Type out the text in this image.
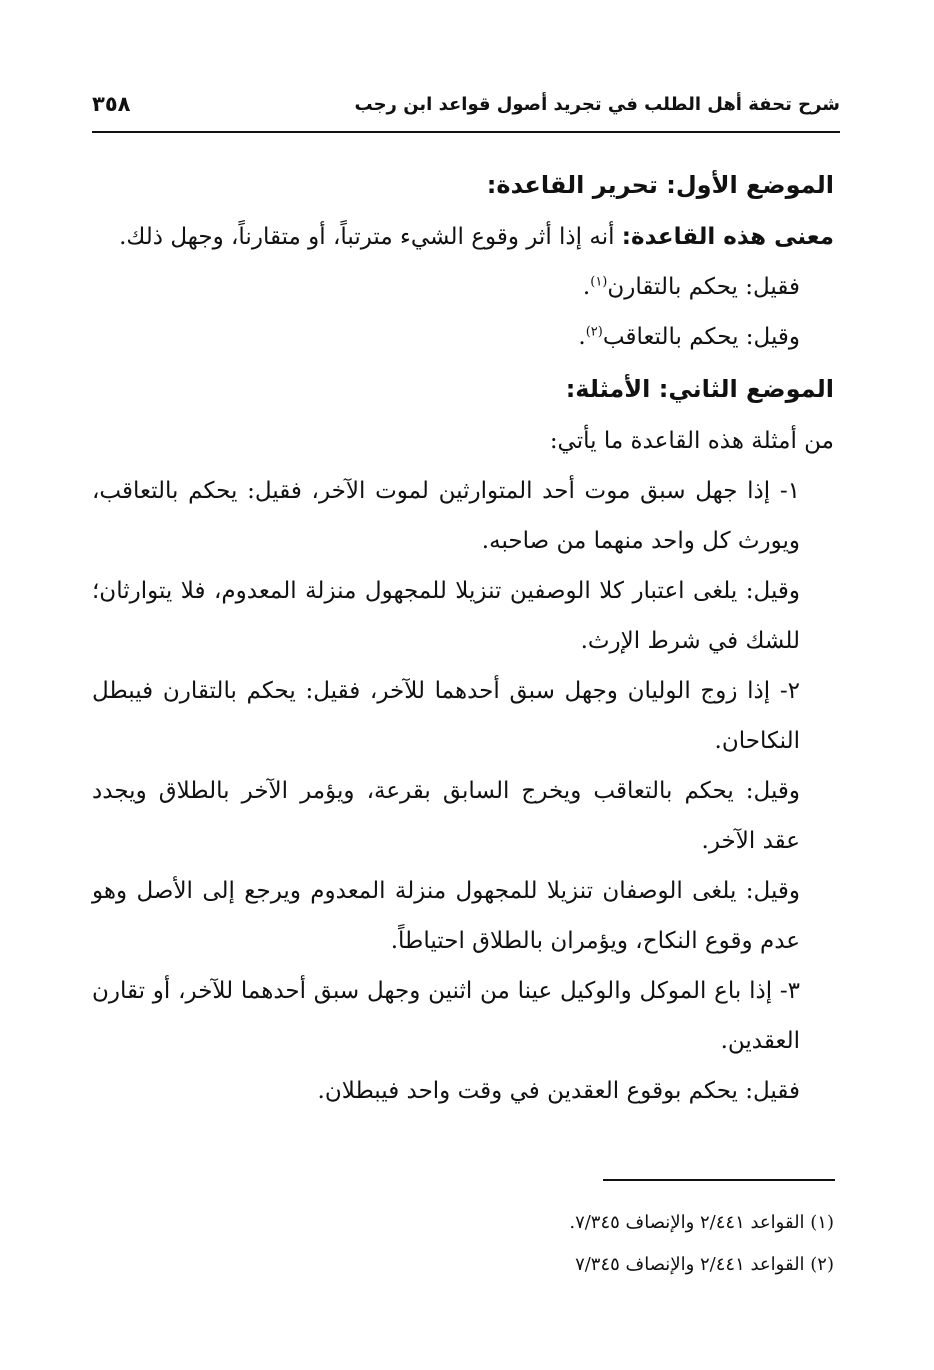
شرح تحفة أهل الطلب في تجريد أصول قواعد ابن رجب
٣٥٨

الموضع الأول: تحرير القاعدة:

معنى هذه القاعدة: أنه إذا أثر وقوع الشيء مترتباً، أو متقارناً، وجهل ذلك.

فقيل: يحكم بالتقارن$^{(١)}$.

وقيل: يحكم بالتعاقب$^{(٢)}$.

الموضع الثاني: الأمثلة:

من أمثلة هذه القاعدة ما يأتي:

١- إذا جهل سبق موت أحد المتوارثين لموت الآخر، فقيل: يحكم بالتعاقب، ويورث كل واحد منهما من صاحبه.

وقيل: يلغى اعتبار كلا الوصفين تنزيلا للمجهول منزلة المعدوم، فلا يتوارثان؛ للشك في شرط الإرث.

٢- إذا زوج الوليان وجهل سبق أحدهما للآخر، فقيل: يحكم بالتقارن فيبطل النكاحان.

وقيل: يحكم بالتعاقب ويخرج السابق بقرعة، ويؤمر الآخر بالطلاق ويجدد عقد الآخر.

وقيل: يلغى الوصفان تنزيلا للمجهول منزلة المعدوم ويرجع إلى الأصل وهو عدم وقوع النكاح، ويؤمران بالطلاق احتياطاً.

٣- إذا باع الموكل والوكيل عينا من اثنين وجهل سبق أحدهما للآخر، أو تقارن العقدين.

فقيل: يحكم بوقوع العقدين في وقت واحد فيبطلان.

(١) القواعد ٢/٤٤١ والإنصاف ٧/٣٤٥.

(٢) القواعد ٢/٤٤١ والإنصاف ٧/٣٤٥
